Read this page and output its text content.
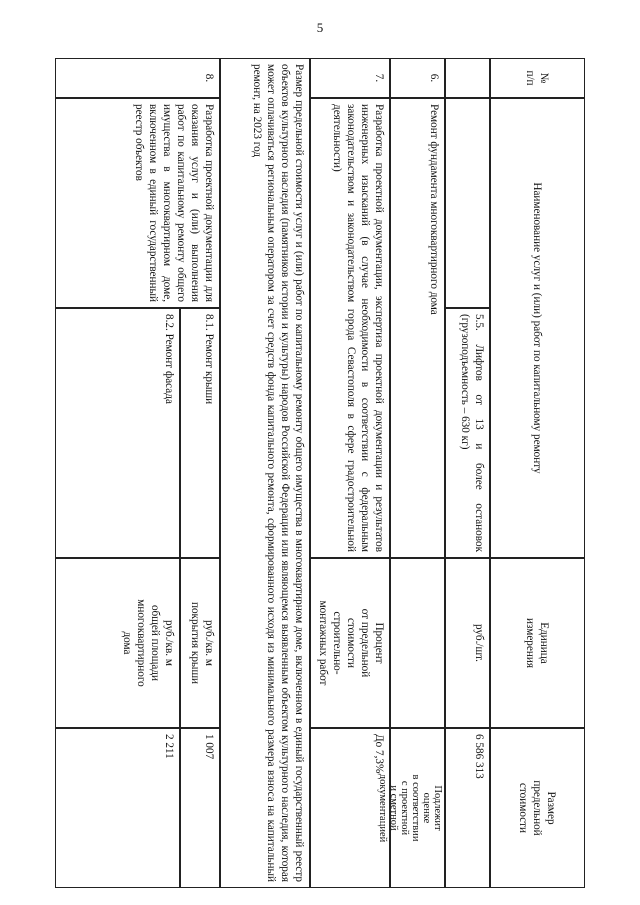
5
№
п/п
Наименование услуг и (или) работ по капитальному ремонту
Единица
измерения
Размер
предельной
стоимости
5.5. Лифтов от 13 и более остановок (грузоподъемность – 630 кг)
руб./шт.
6 586 313
6.
Ремонт фундамента многоквартирного дома
Подлежит
оценке
в соответствии
с проектной
и сметной
документацией
7.
Разработка проектной документации, экспертиза проектной документации и результатов инженерных изысканий (в случае необходимости в соответствии с федеральным законодательством и законодательством города Севастополя в сфере градостроительной деятельности)
Процент
от предельной
стоимости
строительно-
монтажных работ
До 7,3%
Размер предельной стоимости услуг и (или) работ по капитальному ремонту общего имущества в многоквартирном доме, включенном в единый государственный реестр объектов культурного наследия (памятников истории и культуры) народов Российской Федерации или являющемся выявленным объектом культурного наследия, которая может оплачиваться региональным оператором за счет средств фонда капитального ремонта, сформированного исходя из минимального размера взноса на капитальный ремонт, на 2023 год
8.
Разработка проектной документации для оказания услуг и (или) выполнения работ по капитальному ремонту общего имущества в многоквартирном доме, включенном в единый государственный реестр объектов
8.1. Ремонт крыши
руб./кв. м
покрытия крыши
1 007
8.2. Ремонт фасада
руб./кв. м
общей площади
многоквартирного
дома
2 211
